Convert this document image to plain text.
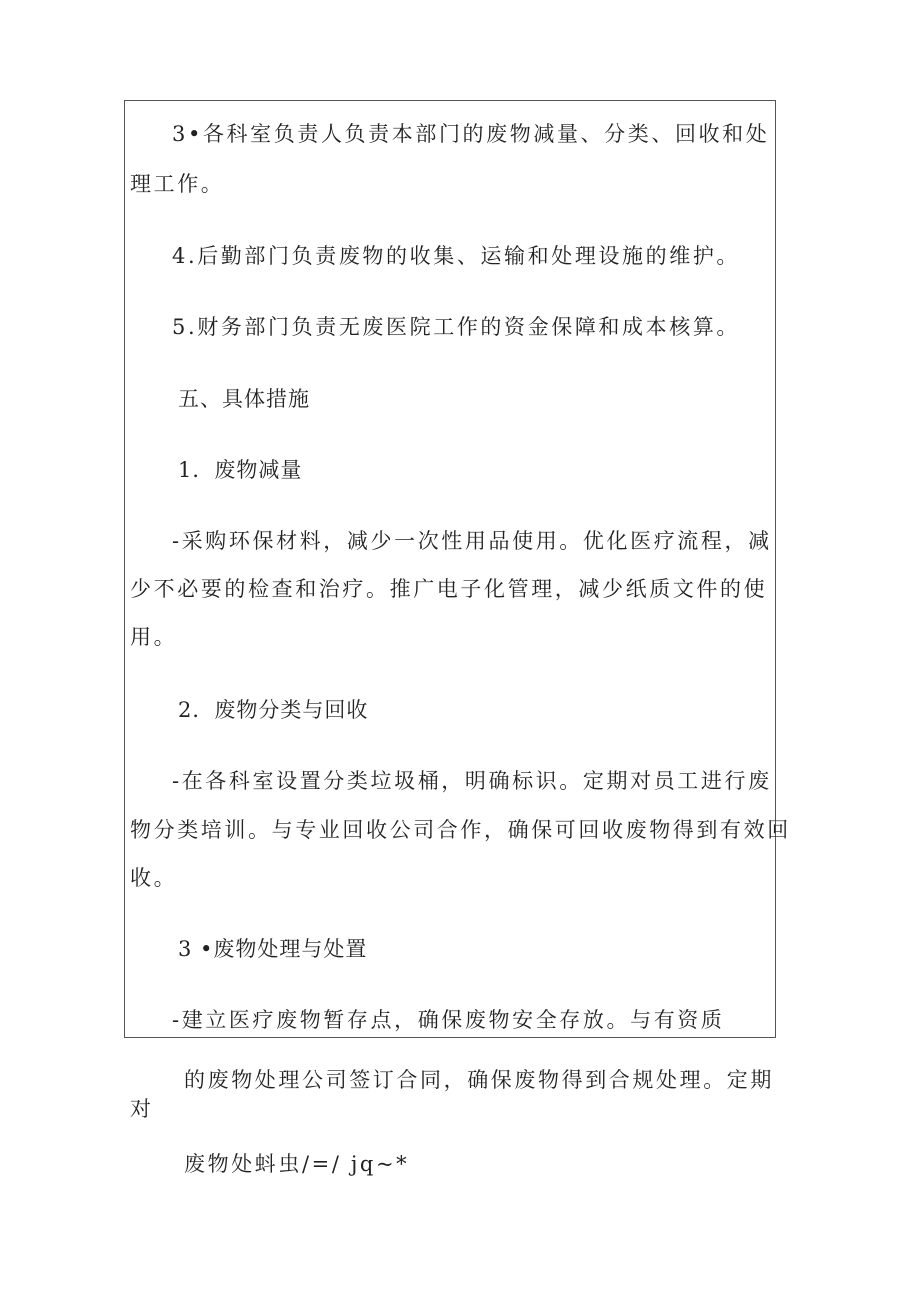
3•各科室负责人负责本部门的废物减量、分类、回收和处
理工作。
4.后勤部门负责废物的收集、运输和处理设施的维护。
5.财务部门负责无废医院工作的资金保障和成本核算。
五、具体措施
1．废物减量
-采购环保材料，减少一次性用品使用。优化医疗流程，减
少不必要的检查和治疗。推广电子化管理，减少纸质文件的使
用。
2．废物分类与回收
-在各科室设置分类垃圾桶，明确标识。定期对员工进行废
物分类培训。与专业回收公司合作，确保可回收废物得到有效回
收。
3 •废物处理与处置
-建立医疗废物暂存点，确保废物安全存放。与有资质
的废物处理公司签订合同，确保废物得到合规处理。定期
对
废物处蚪虫/=/ jq~*
